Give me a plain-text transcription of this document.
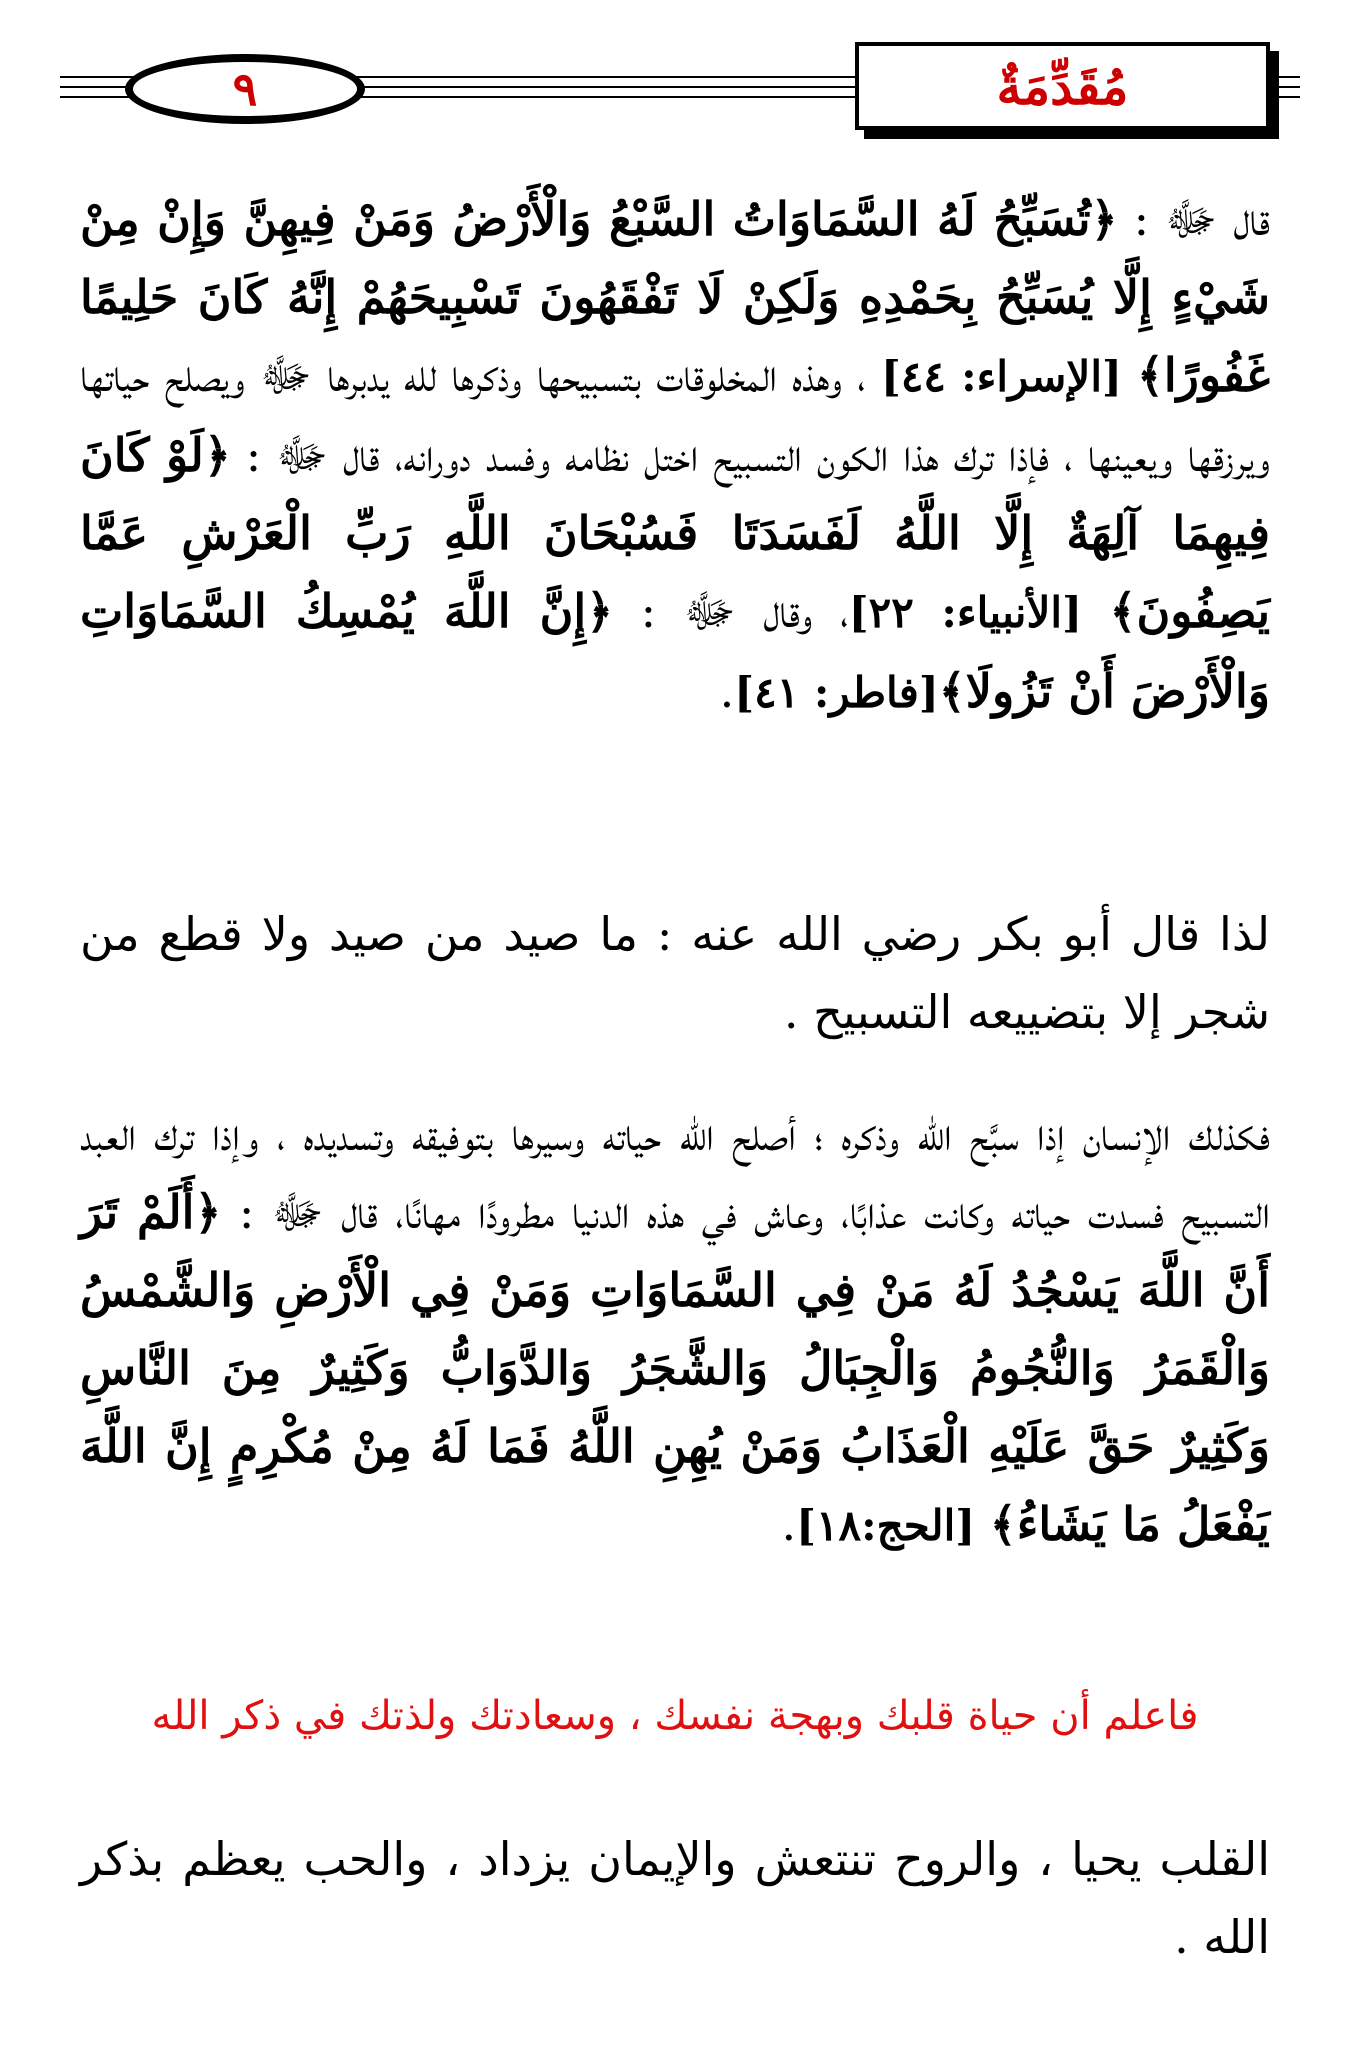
٩	مُقَدِّمَةٌ

قال ﷻ : ﴿تُسَبِّحُ لَهُ السَّمَاوَاتُ السَّبْعُ وَالْأَرْضُ وَمَنْ فِيهِنَّ وَإِنْ مِنْ شَيْءٍ إِلَّا يُسَبِّحُ بِحَمْدِهِ وَلَكِنْ لَا تَفْقَهُونَ تَسْبِيحَهُمْ إِنَّهُ كَانَ حَلِيمًا غَفُورًا﴾ [الإسراء: ٤٤] ، وهذه المخلوقات بتسبيحها وذكرها لله يدبرها ﷻ ويصلح حياتها ويرزقها ويعينها ، فإذا ترك هذا الكون التسبيح اختل نظامه وفسد دورانه، قال ﷻ : ﴿لَوْ كَانَ فِيهِمَا آلِهَةٌ إِلَّا اللَّهُ لَفَسَدَتَا فَسُبْحَانَ اللَّهِ رَبِّ الْعَرْشِ عَمَّا يَصِفُونَ﴾ [الأنبياء: ٢٢]، وقال ﷻ : ﴿إِنَّ اللَّهَ يُمْسِكُ السَّمَاوَاتِ وَالْأَرْضَ أَنْ تَزُولَا﴾[فاطر: ٤١].

لذا قال أبو بكر رضي الله عنه : ما صيد من صيد ولا قطع من شجر إلا بتضييعه التسبيح .

فكذلك الإنسان إذا سبَّح الله وذكره ؛ أصلح الله حياته وسيرها بتوفيقه وتسديده ، وإذا ترك العبد التسبيح فسدت حياته وكانت عذابًا، وعاش في هذه الدنيا مطرودًا مهانًا، قال ﷻ : ﴿أَلَمْ تَرَ أَنَّ اللَّهَ يَسْجُدُ لَهُ مَنْ فِي السَّمَاوَاتِ وَمَنْ فِي الْأَرْضِ وَالشَّمْسُ وَالْقَمَرُ وَالنُّجُومُ وَالْجِبَالُ وَالشَّجَرُ وَالدَّوَابُّ وَكَثِيرٌ مِنَ النَّاسِ وَكَثِيرٌ حَقَّ عَلَيْهِ الْعَذَابُ وَمَنْ يُهِنِ اللَّهُ فَمَا لَهُ مِنْ مُكْرِمٍ إِنَّ اللَّهَ يَفْعَلُ مَا يَشَاءُ﴾ [الحج:١٨].

فاعلم أن حياة قلبك وبهجة نفسك ، وسعادتك ولذتك في ذكر الله

القلب يحيا ، والروح تنتعش والإيمان يزداد ، والحب يعظم بذكر الله .
